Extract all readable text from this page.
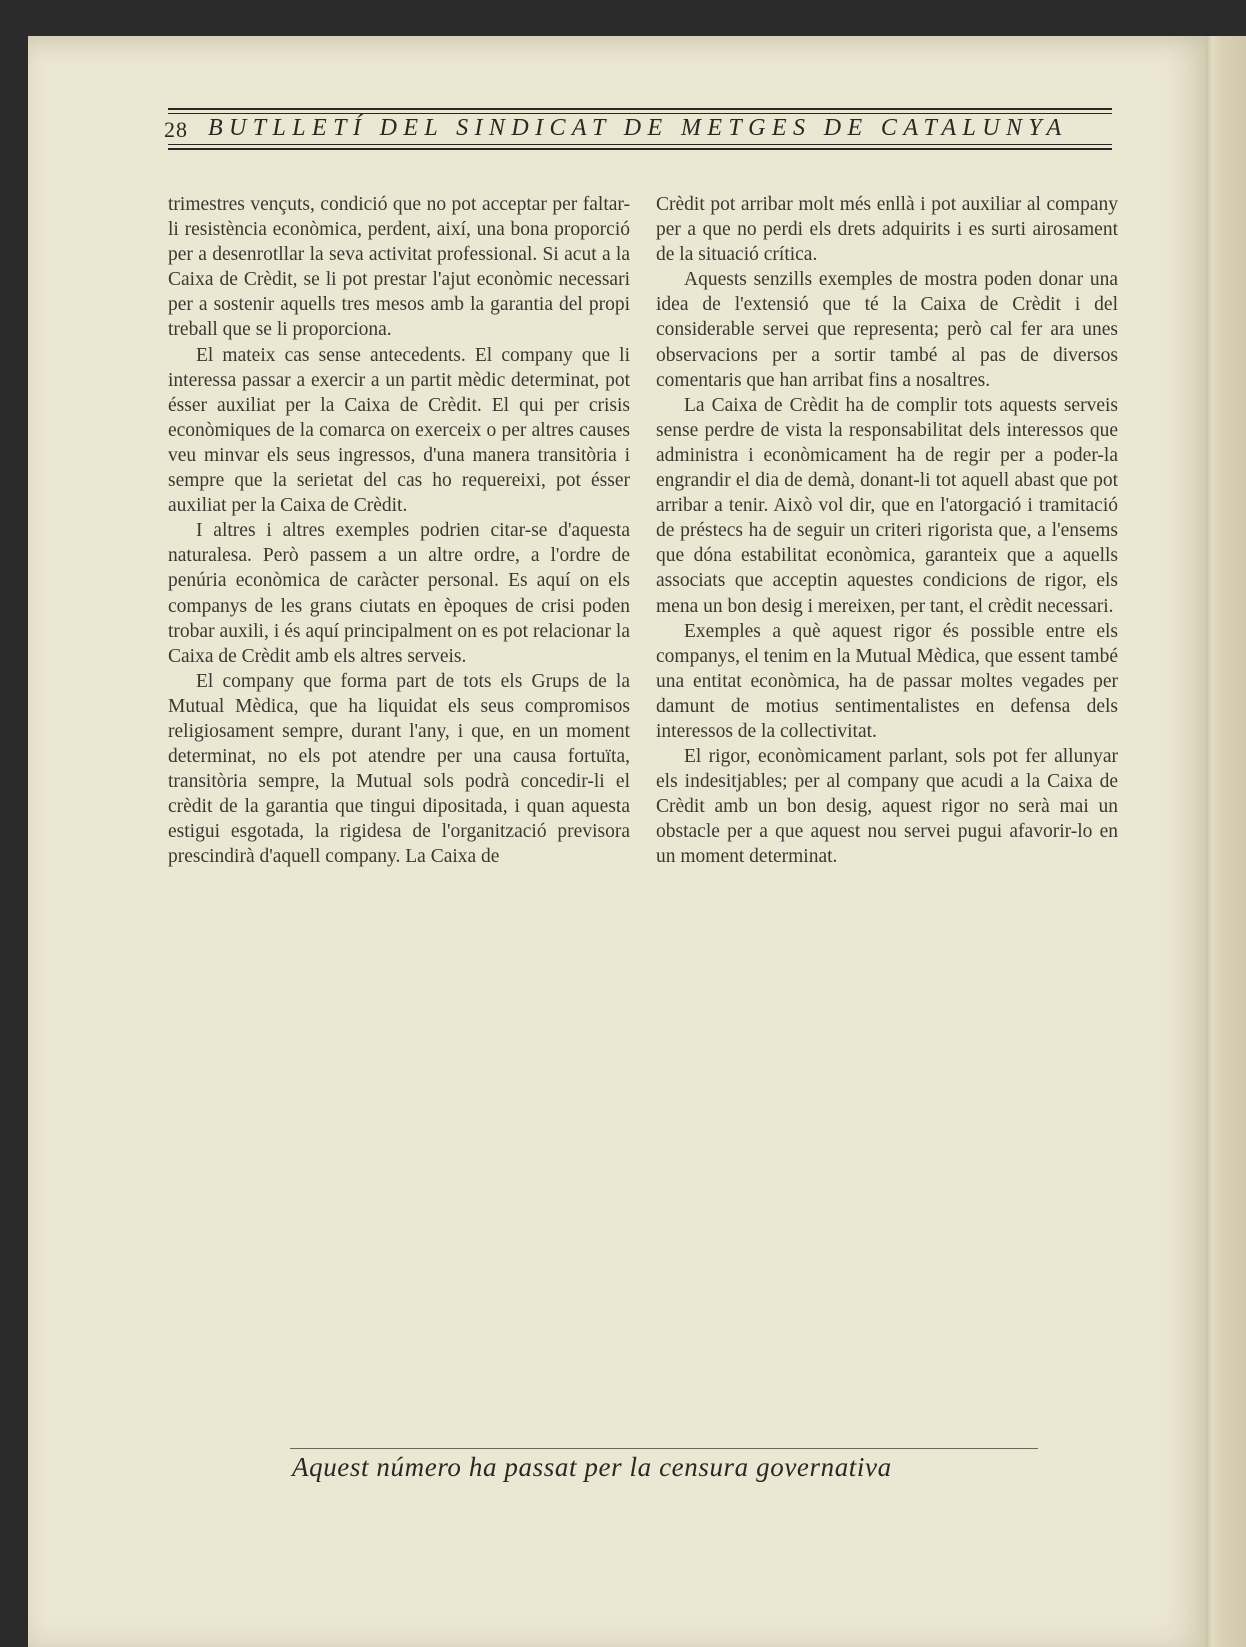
28 BUTLLETÍ DEL SINDICAT DE METGES DE CATALUNYA

trimestres vençuts, condició que no pot acceptar per faltar-li resistència econòmica, perdent, així, una bona proporció per a desenrotllar la seva activitat professional. Si acut a la Caixa de Crèdit, se li pot prestar l'ajut econòmic necessari per a sostenir aquells tres mesos amb la garantia del propi treball que se li proporciona.

El mateix cas sense antecedents. El company que li interessa passar a exercir a un partit mèdic determinat, pot ésser auxiliat per la Caixa de Crèdit. El qui per crisis econòmiques de la comarca on exerceix o per altres causes veu minvar els seus ingressos, d'una manera transitòria i sempre que la serietat del cas ho requereixi, pot ésser auxiliat per la Caixa de Crèdit.

I altres i altres exemples podrien citar-se d'aquesta naturalesa. Però passem a un altre ordre, a l'ordre de penúria econòmica de caràcter personal. Es aquí on els companys de les grans ciutats en èpoques de crisi poden trobar auxili, i és aquí principalment on es pot relacionar la Caixa de Crèdit amb els altres serveis.

El company que forma part de tots els Grups de la Mutual Mèdica, que ha liquidat els seus compromisos religiosament sempre, durant l'any, i que, en un moment determinat, no els pot atendre per una causa fortuïta, transitòria sempre, la Mutual sols podrà concedir-li el crèdit de la garantia que tingui dipositada, i quan aquesta estigui esgotada, la rigidesa de l'organització previsora prescindirà d'aquell company. La Caixa de

Crèdit pot arribar molt més enllà i pot auxiliar al company per a que no perdi els drets adquirits i es surti airosament de la situació crítica.

Aquests senzills exemples de mostra poden donar una idea de l'extensió que té la Caixa de Crèdit i del considerable servei que representa; però cal fer ara unes observacions per a sortir també al pas de diversos comentaris que han arribat fins a nosaltres.

La Caixa de Crèdit ha de complir tots aquests serveis sense perdre de vista la responsabilitat dels interessos que administra i econòmicament ha de regir per a poder-la engrandir el dia de demà, donant-li tot aquell abast que pot arribar a tenir. Això vol dir, que en l'atorgació i tramitació de préstecs ha de seguir un criteri rigorista que, a l'ensems que dóna estabilitat econòmica, garanteix que a aquells associats que acceptin aquestes condicions de rigor, els mena un bon desig i mereixen, per tant, el crèdit necessari.

Exemples a què aquest rigor és possible entre els companys, el tenim en la Mutual Mèdica, que essent també una entitat econòmica, ha de passar moltes vegades per damunt de motius sentimentalistes en defensa dels interessos de la collectivitat.

El rigor, econòmicament parlant, sols pot fer allunyar els indesitjables; per al company que acudi a la Caixa de Crèdit amb un bon desig, aquest rigor no serà mai un obstacle per a que aquest nou servei pugui afavorir-lo en un moment determinat.

Aquest número ha passat per la censura governativa
